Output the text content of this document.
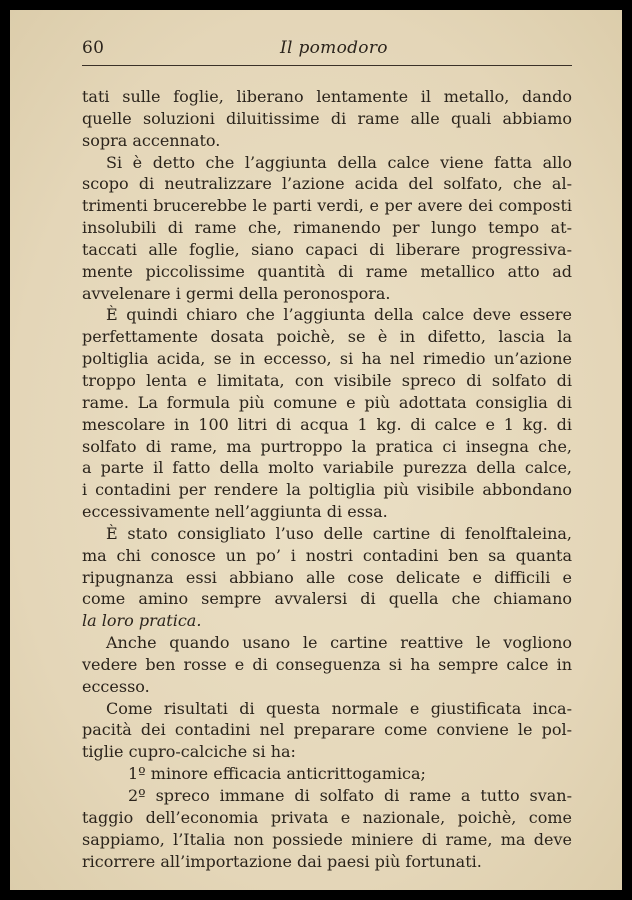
60	Il pomodoro
tati sulle foglie, liberano lentamente il metallo, dando
quelle soluzioni diluitissime di rame alle quali abbiamo
sopra accennato.
Si è detto che l’aggiunta della calce viene fatta allo
scopo di neutralizzare l’azione acida del solfato, che al-
trimenti brucerebbe le parti verdi, e per avere dei composti
insolubili di rame che, rimanendo per lungo tempo at-
taccati alle foglie, siano capaci di liberare progressiva-
mente piccolissime quantità di rame metallico atto ad
avvelenare i germi della peronospora.
È quindi chiaro che l’aggiunta della calce deve essere
perfettamente dosata poichè, se è in difetto, lascia la
poltiglia acida, se in eccesso, si ha nel rimedio un’azione
troppo lenta e limitata, con visibile spreco di solfato di
rame. La formula più comune e più adottata consiglia di
mescolare in 100 litri di acqua 1 kg. di calce e 1 kg. di
solfato di rame, ma purtroppo la pratica ci insegna che,
a parte il fatto della molto variabile purezza della calce,
i contadini per rendere la poltiglia più visibile abbondano
eccessivamente nell’aggiunta di essa.
È stato consigliato l’uso delle cartine di fenolftaleina,
ma chi conosce un po’ i nostri contadini ben sa quanta
ripugnanza essi abbiano alle cose delicate e difficili e
come amino sempre avvalersi di quella che chiamano
la loro pratica.
Anche quando usano le cartine reattive le vogliono
vedere ben rosse e di conseguenza si ha sempre calce in
eccesso.
Come risultati di questa normale e giustificata inca-
pacità dei contadini nel preparare come conviene le pol-
tiglie cupro-calciche si ha:
1º minore efficacia anticrittogamica;
2º spreco immane di solfato di rame a tutto svan-
taggio dell’economia privata e nazionale, poichè, come
sappiamo, l’Italia non possiede miniere di rame, ma deve
ricorrere all’importazione dai paesi più fortunati.
